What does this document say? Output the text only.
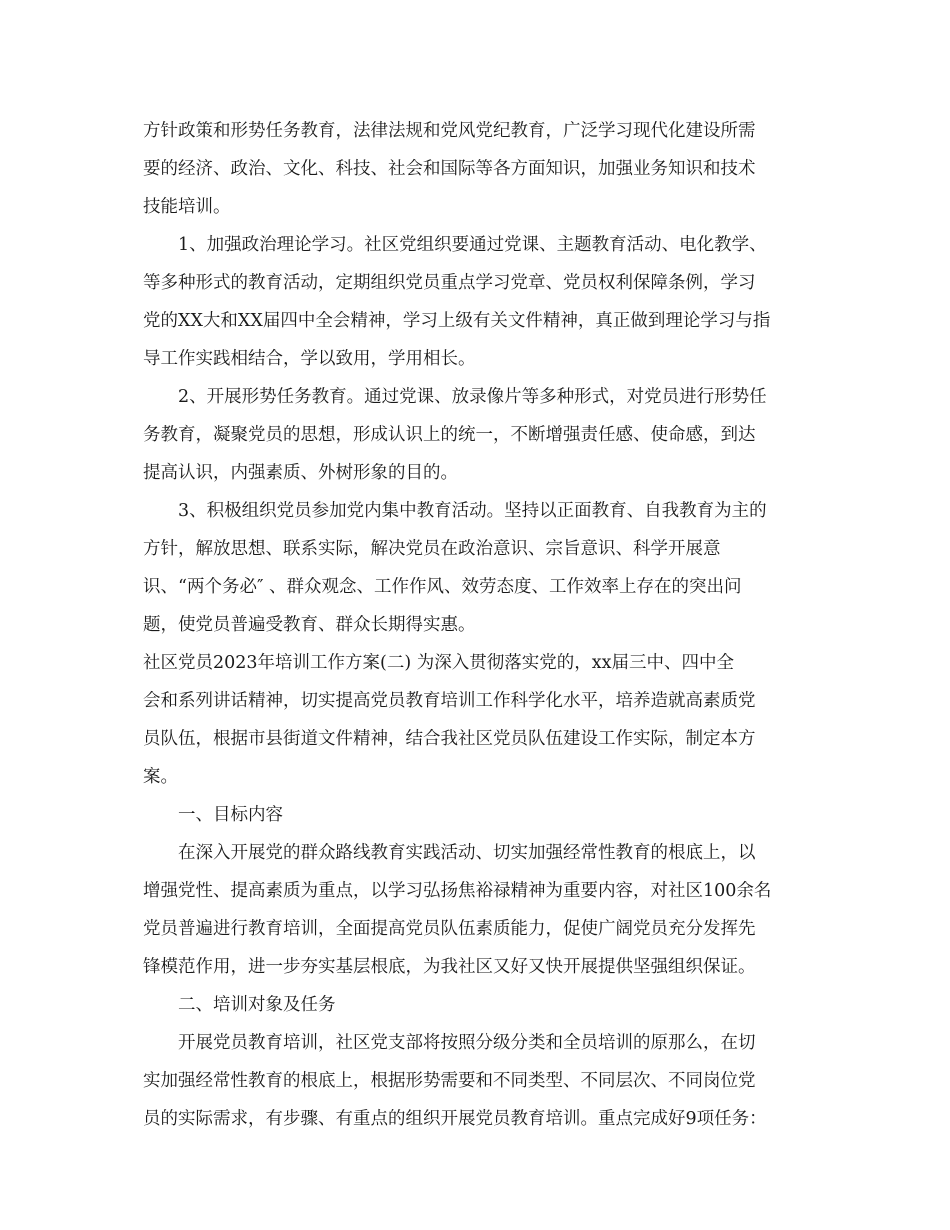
方针政策和形势任务教育，法律法规和党风党纪教育，广泛学习现代化建设所需

要的经济、政治、文化、科技、社会和国际等各方面知识，加强业务知识和技术

技能培训。

1、加强政治理论学习。社区党组织要通过党课、主题教育活动、电化教学、

等多种形式的教育活动，定期组织党员重点学习党章、党员权利保障条例，学习

党的XX大和XX届四中全会精神，学习上级有关文件精神，真正做到理论学习与指

导工作实践相结合，学以致用，学用相长。

2、开展形势任务教育。通过党课、放录像片等多种形式，对党员进行形势任

务教育，凝聚党员的思想，形成认识上的统一，不断增强责任感、使命感，到达

提高认识，内强素质、外树形象的目的。

3、积极组织党员参加党内集中教育活动。坚持以正面教育、自我教育为主的

方针，解放思想、联系实际，解决党员在政治意识、宗旨意识、科学开展意

识、“两个务必″ 、群众观念、工作作风、效劳态度、工作效率上存在的突出问

题，使党员普遍受教育、群众长期得实惠。

社区党员2023年培训工作方案(二) 为深入贯彻落实党的，xx届三中、四中全

会和系列讲话精神，切实提高党员教育培训工作科学化水平，培养造就高素质党

员队伍，根据市县街道文件精神，结合我社区党员队伍建设工作实际，制定本方

案。

一、目标内容

在深入开展党的群众路线教育实践活动、切实加强经常性教育的根底上，以

增强党性、提高素质为重点，以学习弘扬焦裕禄精神为重要内容，对社区100余名

党员普遍进行教育培训，全面提高党员队伍素质能力，促使广阔党员充分发挥先

锋模范作用，进一步夯实基层根底，为我社区又好又快开展提供坚强组织保证。

二、培训对象及任务

开展党员教育培训，社区党支部将按照分级分类和全员培训的原那么，在切

实加强经常性教育的根底上，根据形势需要和不同类型、不同层次、不同岗位党

员的实际需求，有步骤、有重点的组织开展党员教育培训。重点完成好9项任务：
